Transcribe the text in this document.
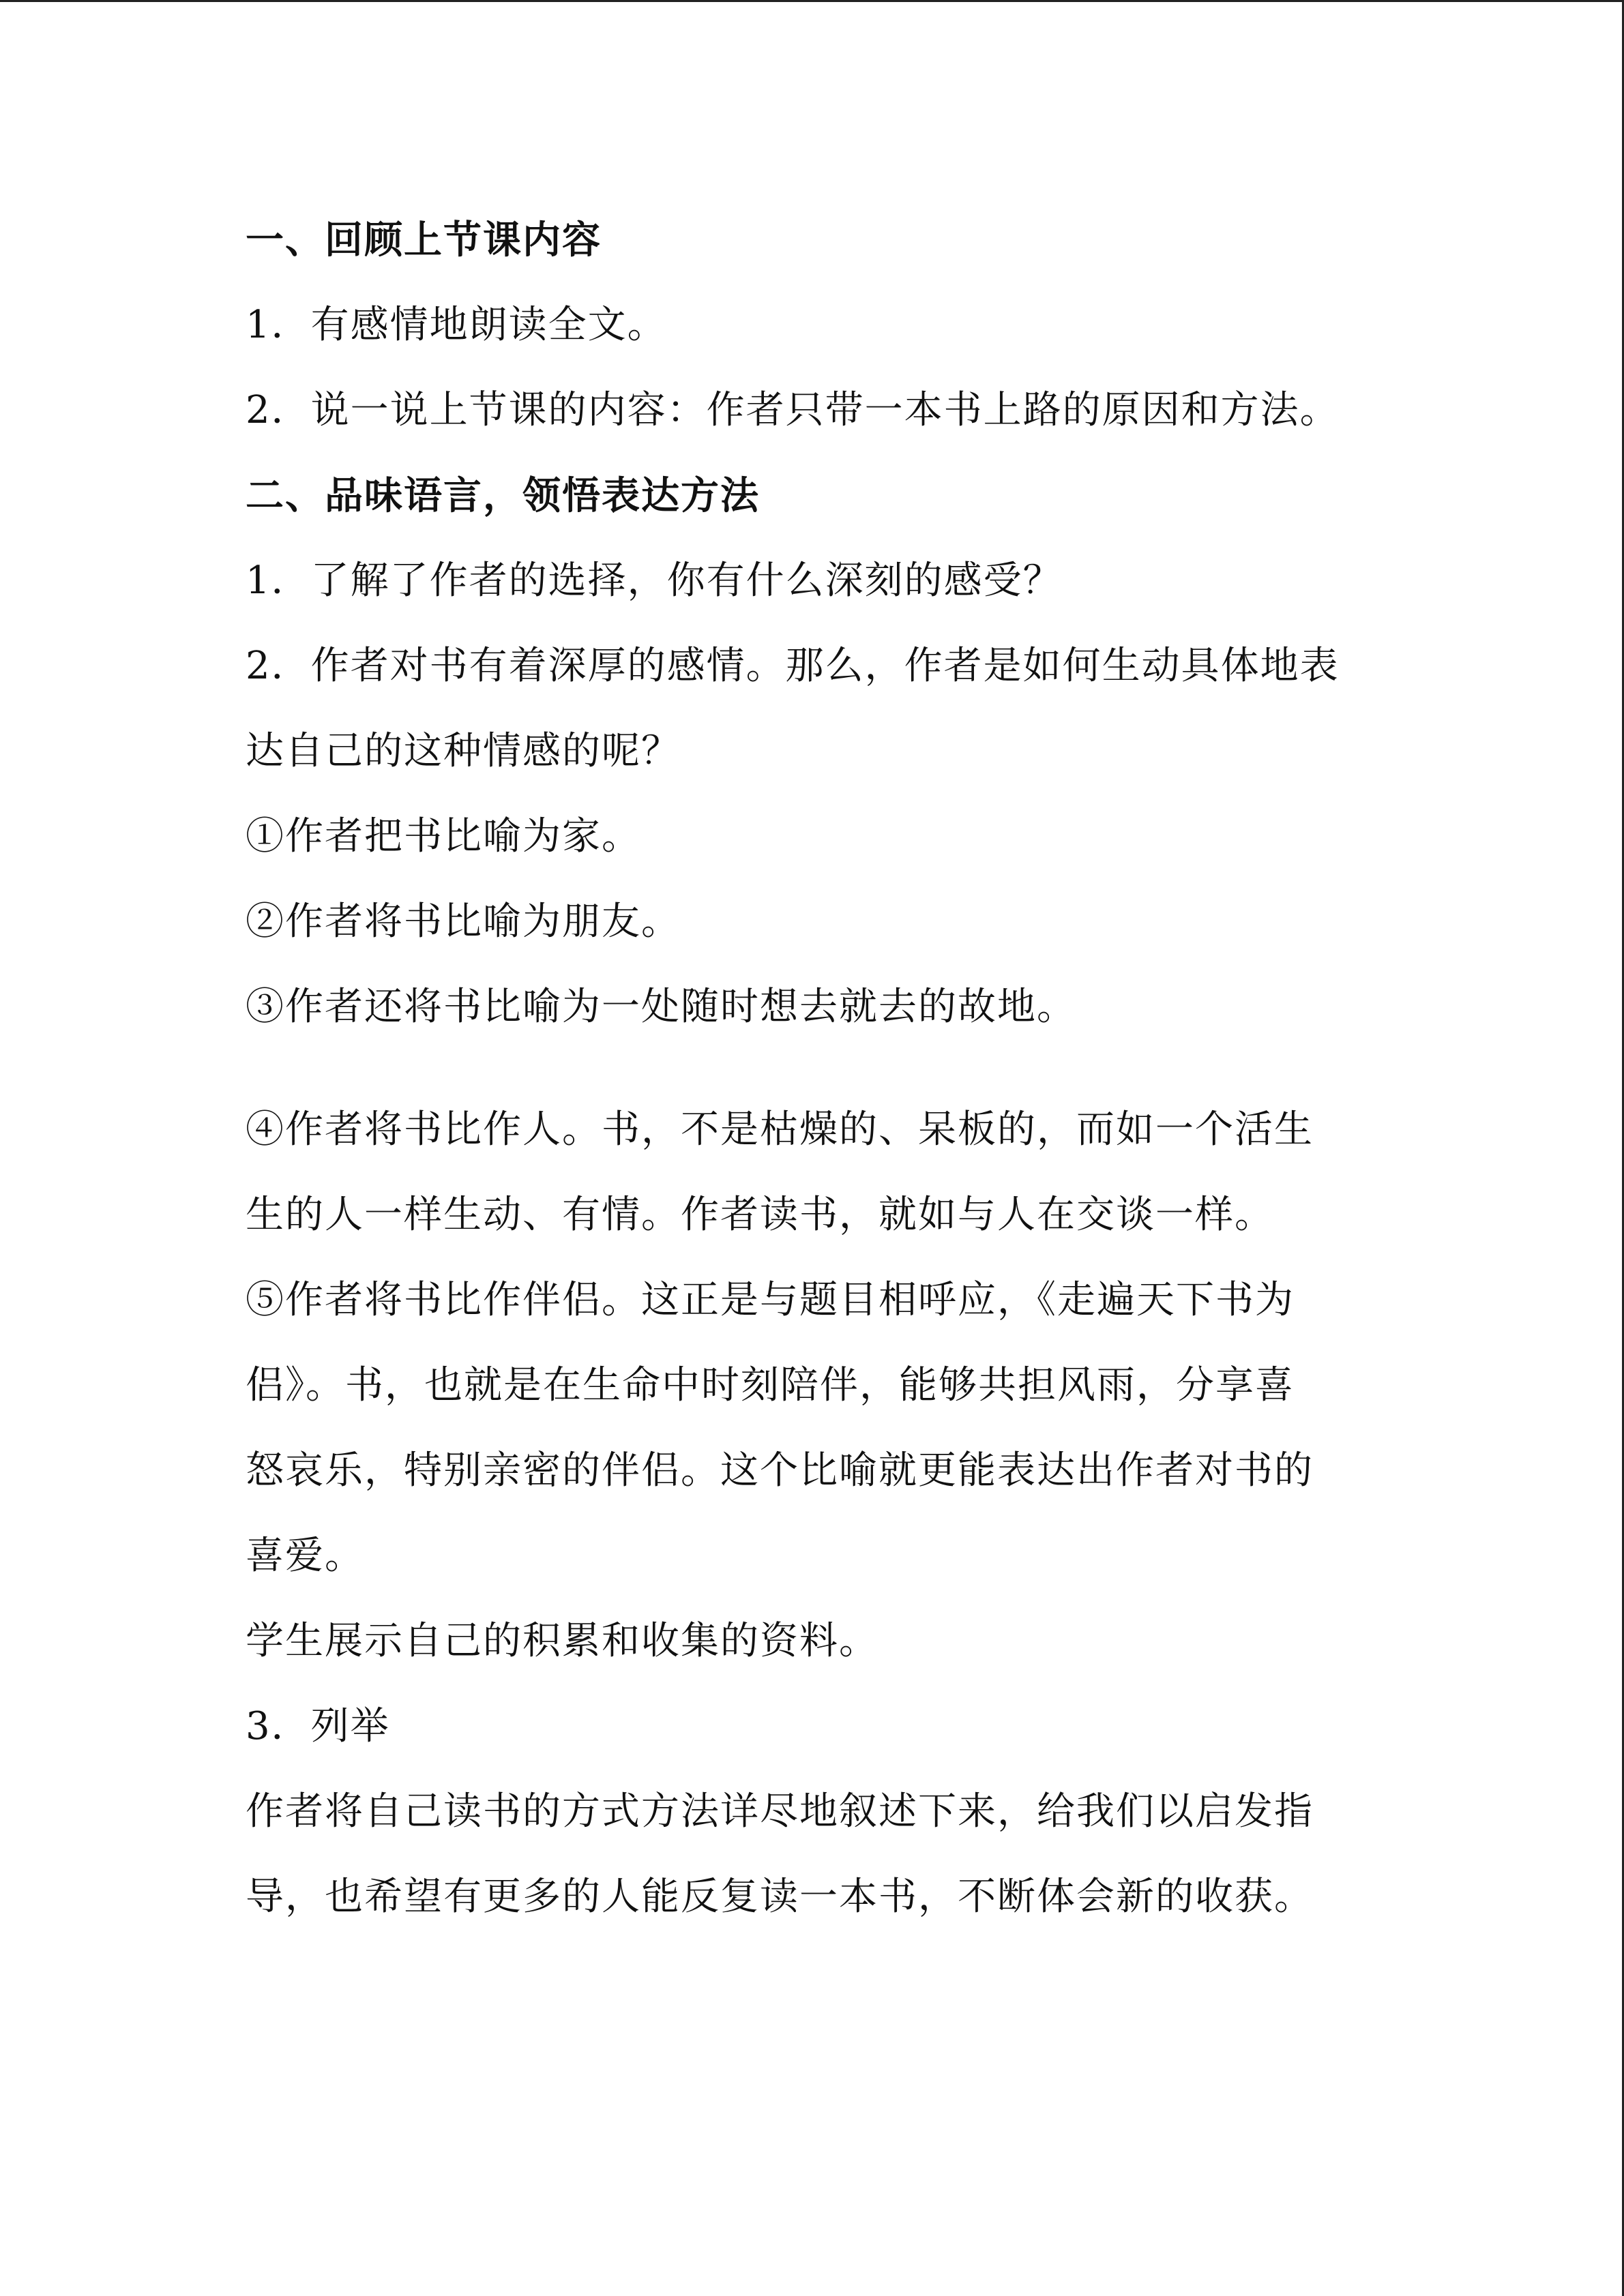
一、回顾上节课内容
1．有感情地朗读全文。
2．说一说上节课的内容：作者只带一本书上路的原因和方法。
二、品味语言，领悟表达方法
1．了解了作者的选择，你有什么深刻的感受？
2．作者对书有着深厚的感情。那么，作者是如何生动具体地表
达自己的这种情感的呢？
①作者把书比喻为家。
②作者将书比喻为朋友。
③作者还将书比喻为一处随时想去就去的故地。
④作者将书比作人。书，不是枯燥的、呆板的，而如一个活生
生的人一样生动、有情。作者读书，就如与人在交谈一样。
⑤作者将书比作伴侣。这正是与题目相呼应，《走遍天下书为
侣》。书，也就是在生命中时刻陪伴，能够共担风雨，分享喜
怒哀乐，特别亲密的伴侣。这个比喻就更能表达出作者对书的
喜爱。
学生展示自己的积累和收集的资料。
3．列举
作者将自己读书的方式方法详尽地叙述下来，给我们以启发指
导，也希望有更多的人能反复读一本书，不断体会新的收获。
